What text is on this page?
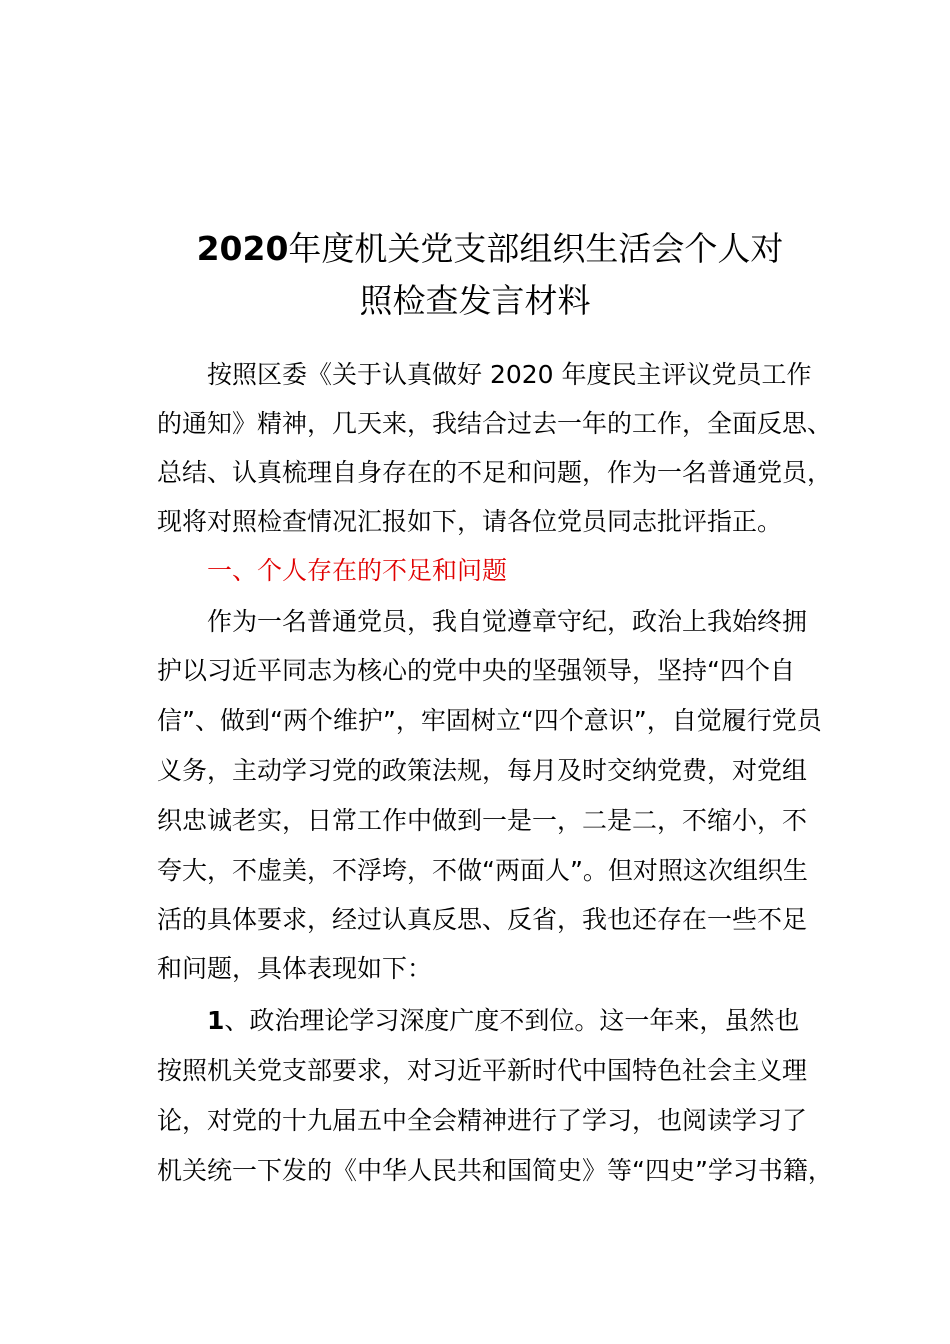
2020年度机关党支部组织生活会个人对
照检查发言材料

按照区委《关于认真做好 2020 年度民主评议党员工作

的通知》精神，几天来，我结合过去一年的工作，全面反思、

总结、认真梳理自身存在的不足和问题，作为一名普通党员，

现将对照检查情况汇报如下，请各位党员同志批评指正。

一、个人存在的不足和问题

作为一名普通党员，我自觉遵章守纪，政治上我始终拥

护以习近平同志为核心的党中央的坚强领导，坚持“四个自

信”、做到“两个维护”，牢固树立“四个意识”，自觉履行党员

义务，主动学习党的政策法规，每月及时交纳党费，对党组

织忠诚老实，日常工作中做到一是一，二是二，不缩小，不

夸大，不虚美，不浮垮，不做“两面人”。但对照这次组织生

活的具体要求，经过认真反思、反省，我也还存在一些不足

和问题，具体表现如下：

1、政治理论学习深度广度不到位。这一年来，虽然也

按照机关党支部要求，对习近平新时代中国特色社会主义理

论，对党的十九届五中全会精神进行了学习，也阅读学习了

机关统一下发的《中华人民共和国简史》等“四史”学习书籍，
